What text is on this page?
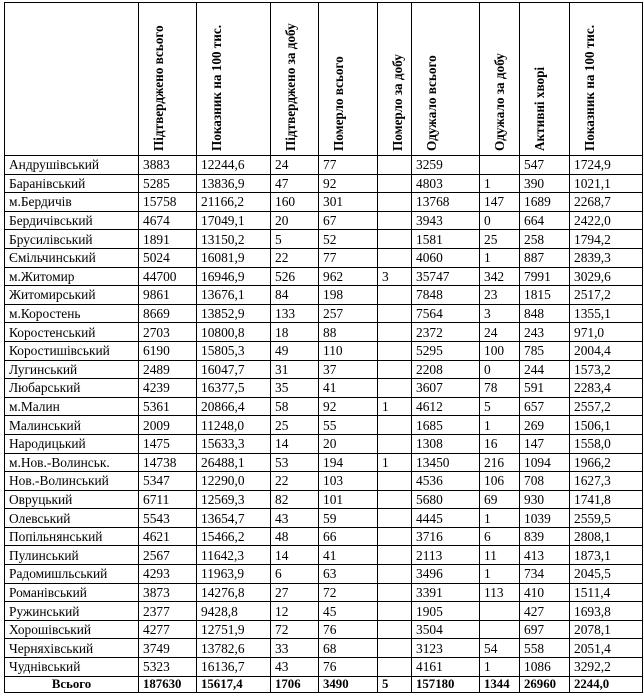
	Підтверджено всього	Показник на 100 тис.	Підтверджено за добу	Померло всього	Померло за добу	Одужало всього	Одужало за добу	Активні хворі	Показник на 100 тис.

Андрушівський	3883	12244,6	24	77		3259		547	1724,9
Баранівський	5285	13836,9	47	92		4803	1	390	1021,1
м.Бердичів	15758	21166,2	160	301		13768	147	1689	2268,7
Бердичівський	4674	17049,1	20	67		3943	0	664	2422,0
Брусилівський	1891	13150,2	5	52		1581	25	258	1794,2
Ємільчинський	5024	16081,9	22	77		4060	1	887	2839,3
м.Житомир	44700	16946,9	526	962	3	35747	342	7991	3029,6
Житомирський	9861	13676,1	84	198		7848	23	1815	2517,2
м.Коростень	8669	13852,9	133	257		7564	3	848	1355,1
Коростенський	2703	10800,8	18	88		2372	24	243	971,0
Коростишівський	6190	15805,3	49	110		5295	100	785	2004,4
Лугинський	2489	16047,7	31	37		2208	0	244	1573,2
Любарський	4239	16377,5	35	41		3607	78	591	2283,4
м.Малин	5361	20866,4	58	92	1	4612	5	657	2557,2
Малинський	2009	11248,0	25	55		1685	1	269	1506,1
Народицький	1475	15633,3	14	20		1308	16	147	1558,0
м.Нов.-Волинськ.	14738	26488,1	53	194	1	13450	216	1094	1966,2
Нов.-Волинський	5347	12290,0	22	103		4536	106	708	1627,3
Овруцький	6711	12569,3	82	101		5680	69	930	1741,8
Олевський	5543	13654,7	43	59		4445	1	1039	2559,5
Попільнянський	4621	15466,2	48	66		3716	6	839	2808,1
Пулинський	2567	11642,3	14	41		2113	11	413	1873,1
Радомишльський	4293	11963,9	6	63		3496	1	734	2045,5
Романівський	3873	14276,8	27	72		3391	113	410	1511,4
Ружинський	2377	9428,8	12	45		1905		427	1693,8
Хорошівський	4277	12751,9	72	76		3504		697	2078,1
Черняхівський	3749	13782,6	33	68		3123	54	558	2051,4
Чуднівський	5323	16136,7	43	76		4161	1	1086	3292,2
Всього	187630	15617,4	1706	3490	5	157180	1344	26960	2244,0
